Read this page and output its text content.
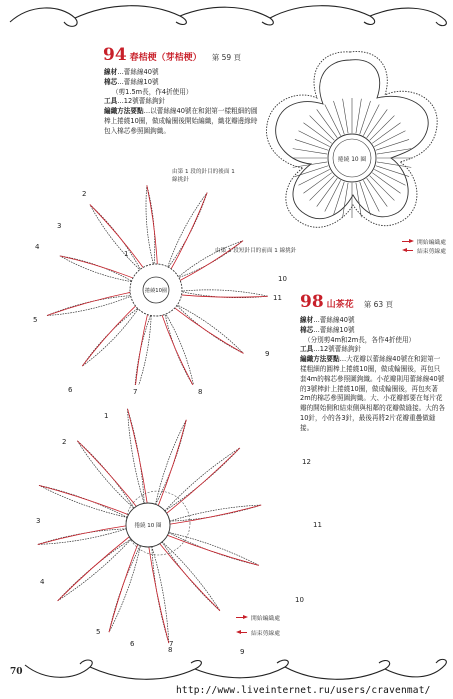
94 春桔梗（芽桔梗） 第 59 頁
線材…蕾絲線40號
棉芯…蕾絲線10號
（剪1.5m長，作4折使用）
工具…12號蕾絲鉤針
編織方法要點…以蕾絲線40號在和鉗第一樣粗細的圓棒上捲繞10圈，做成輪圈後開始編織，織花瓣邊緣時包入棉芯參照圖鉤織。
捲繞 10 圈
開始編織處
結束剪線處
由第 1 段的針目的後面 1 線挑針
由第 1 段短針目的前面 1 線挑針
捲繞10圈
1
2
3
4
5
6	7	8
9
10
11 98 山茶花 第 63 頁
線材…蕾絲線40號
棉芯…蕾絲線10號
（分別剪4m和2m長，各作4折使用）
工具…12號蕾絲鉤針
編織方法要點…大花瓣以蕾絲線40號在和鉗第一樣粗細的圓棒上捲繞10圈，做成輪圈後，再包只套4m的棉芯參照圖鉤織。小花瓣則用蕾絲線40號的3號棒針上捲繞10圈，做成輪圈後，再包夾著2m的棉芯參照圖鉤織。大、小花瓣都要在每片花瓣的開始側和結束側與相鄰的花瓣做縫接。大的各10針，小的各3針，最後再將2片花瓣重疊做縫接。
捲繞 10 圈
1
2
3
4
5
6	7
8	9
10
11
12
開始編織處
結束剪線處
70
http://www.liveinternet.ru/users/cravenmat/
